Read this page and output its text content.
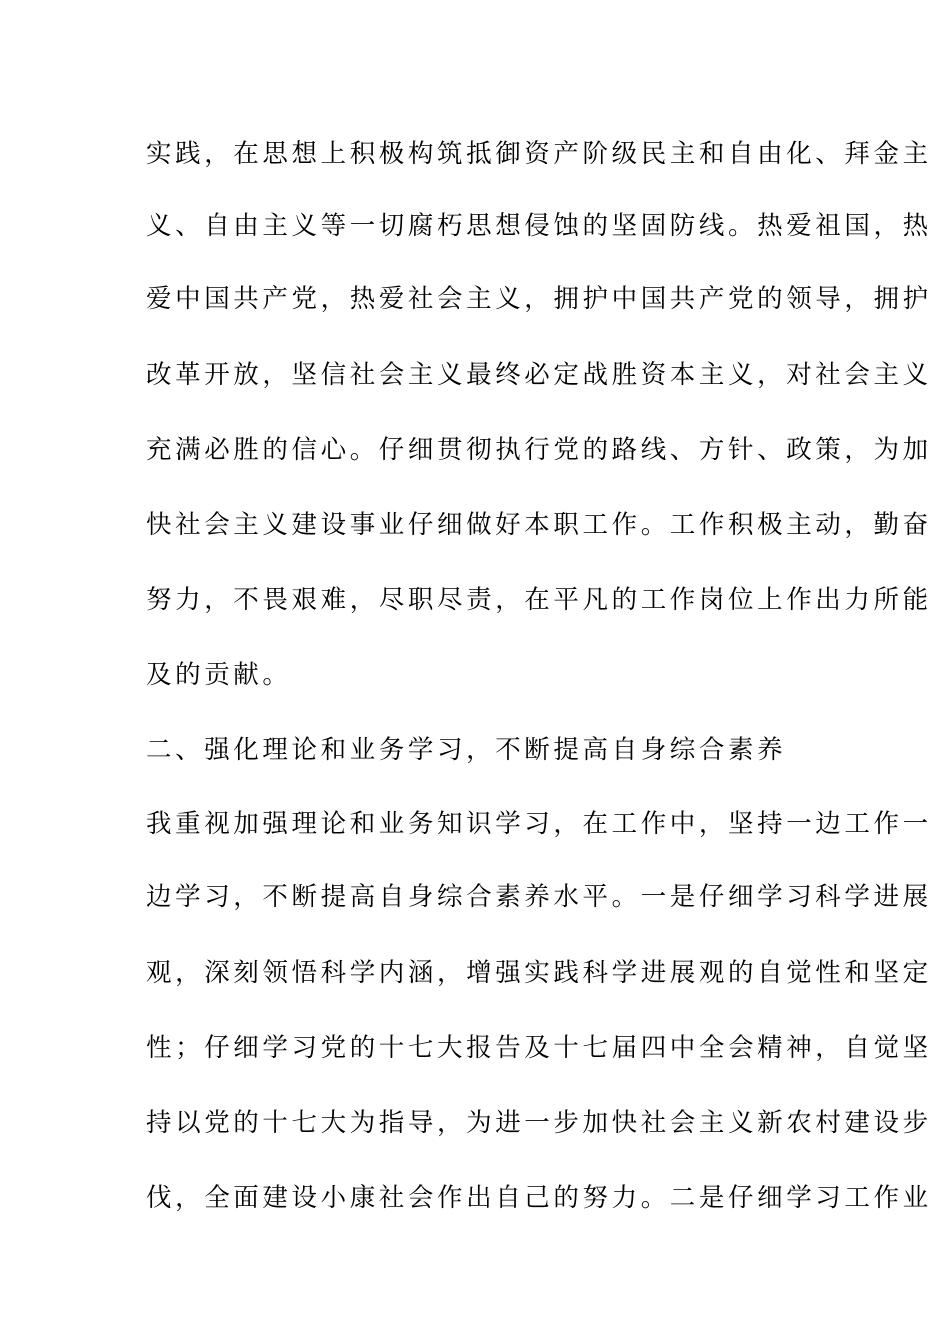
实践，在思想上积极构筑抵御资产阶级民主和自由化、拜金主
义、自由主义等一切腐朽思想侵蚀的坚固防线。热爱祖国，热
爱中国共产党，热爱社会主义，拥护中国共产党的领导，拥护
改革开放，坚信社会主义最终必定战胜资本主义，对社会主义
充满必胜的信心。仔细贯彻执行党的路线、方针、政策，为加
快社会主义建设事业仔细做好本职工作。工作积极主动，勤奋
努力，不畏艰难，尽职尽责，在平凡的工作岗位上作出力所能
及的贡献。
二、强化理论和业务学习，不断提高自身综合素养
我重视加强理论和业务知识学习，在工作中，坚持一边工作一
边学习，不断提高自身综合素养水平。一是仔细学习科学进展
观，深刻领悟科学内涵，增强实践科学进展观的自觉性和坚定
性；仔细学习党的十七大报告及十七届四中全会精神，自觉坚
持以党的十七大为指导，为进一步加快社会主义新农村建设步
伐，全面建设小康社会作出自己的努力。二是仔细学习工作业
